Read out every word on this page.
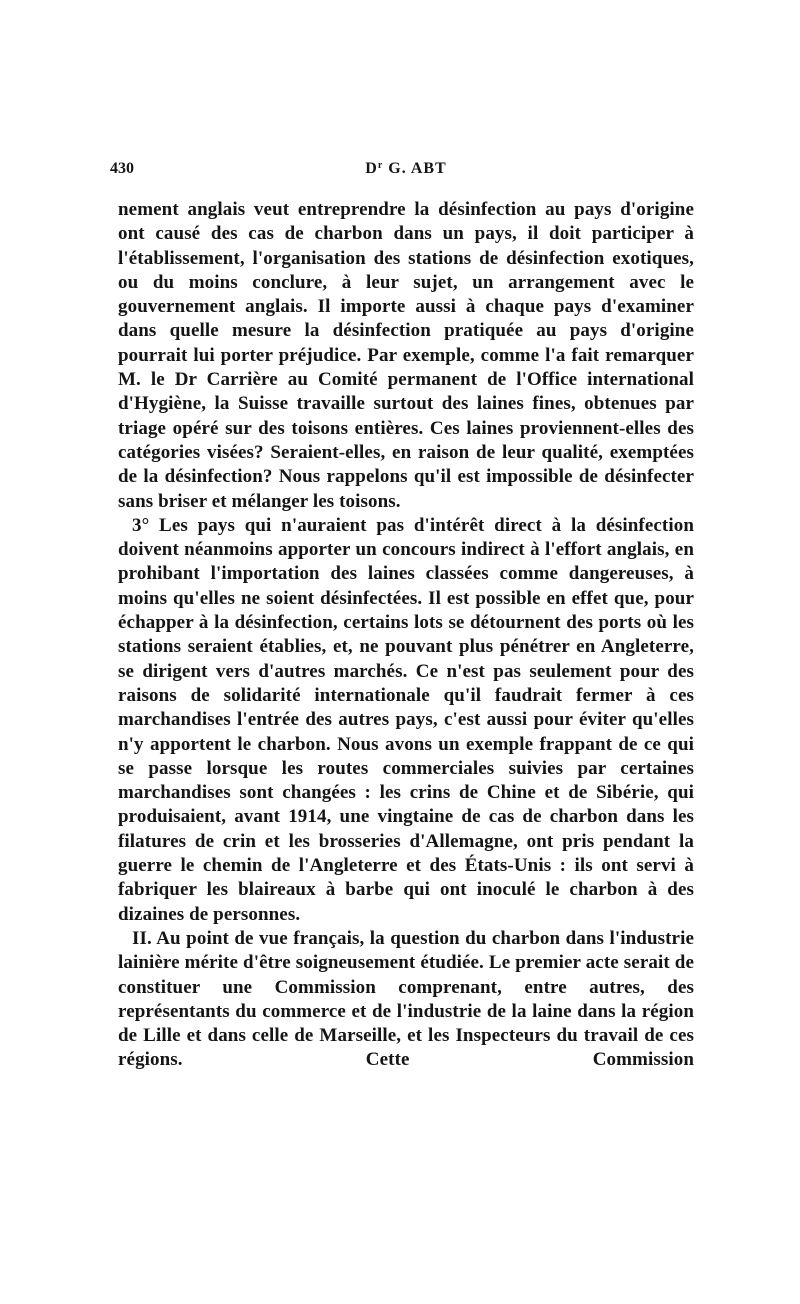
430	$D^r$ G. ABT

nement anglais veut entreprendre la désinfection au pays d'origine ont causé des cas de charbon dans un pays, il doit participer à l'établissement, l'organisation des stations de désinfection exotiques, ou du moins conclure, à leur sujet, un arrangement avec le gouvernement anglais. Il importe aussi à chaque pays d'examiner dans quelle mesure la désinfection pratiquée au pays d'origine pourrait lui porter préjudice. Par exemple, comme l'a fait remarquer M. le Dr Carrière au Comité permanent de l'Office international d'Hygiène, la Suisse travaille surtout des laines fines, obtenues par triage opéré sur des toisons entières. Ces laines proviennent-elles des catégories visées? Seraient-elles, en raison de leur qualité, exemptées de la désinfection? Nous rappelons qu'il est impossible de désinfecter sans briser et mélanger les toisons.

3° Les pays qui n'auraient pas d'intérêt direct à la désinfection doivent néanmoins apporter un concours indirect à l'effort anglais, en prohibant l'importation des laines classées comme dangereuses, à moins qu'elles ne soient désinfectées. Il est possible en effet que, pour échapper à la désinfection, certains lots se détournent des ports où les stations seraient établies, et, ne pouvant plus pénétrer en Angleterre, se dirigent vers d'autres marchés. Ce n'est pas seulement pour des raisons de solidarité internationale qu'il faudrait fermer à ces marchandises l'entrée des autres pays, c'est aussi pour éviter qu'elles n'y apportent le charbon. Nous avons un exemple frappant de ce qui se passe lorsque les routes commerciales suivies par certaines marchandises sont changées : les crins de Chine et de Sibérie, qui produisaient, avant 1914, une vingtaine de cas de charbon dans les filatures de crin et les brosseries d'Allemagne, ont pris pendant la guerre le chemin de l'Angleterre et des États-Unis : ils ont servi à fabriquer les blaireaux à barbe qui ont inoculé le charbon à des dizaines de personnes.

II. Au point de vue français, la question du charbon dans l'industrie lainière mérite d'être soigneusement étudiée. Le premier acte serait de constituer une Commission comprenant, entre autres, des représentants du commerce et de l'industrie de la laine dans la région de Lille et dans celle de Marseille, et les Inspecteurs du travail de ces régions. Cette Commission
